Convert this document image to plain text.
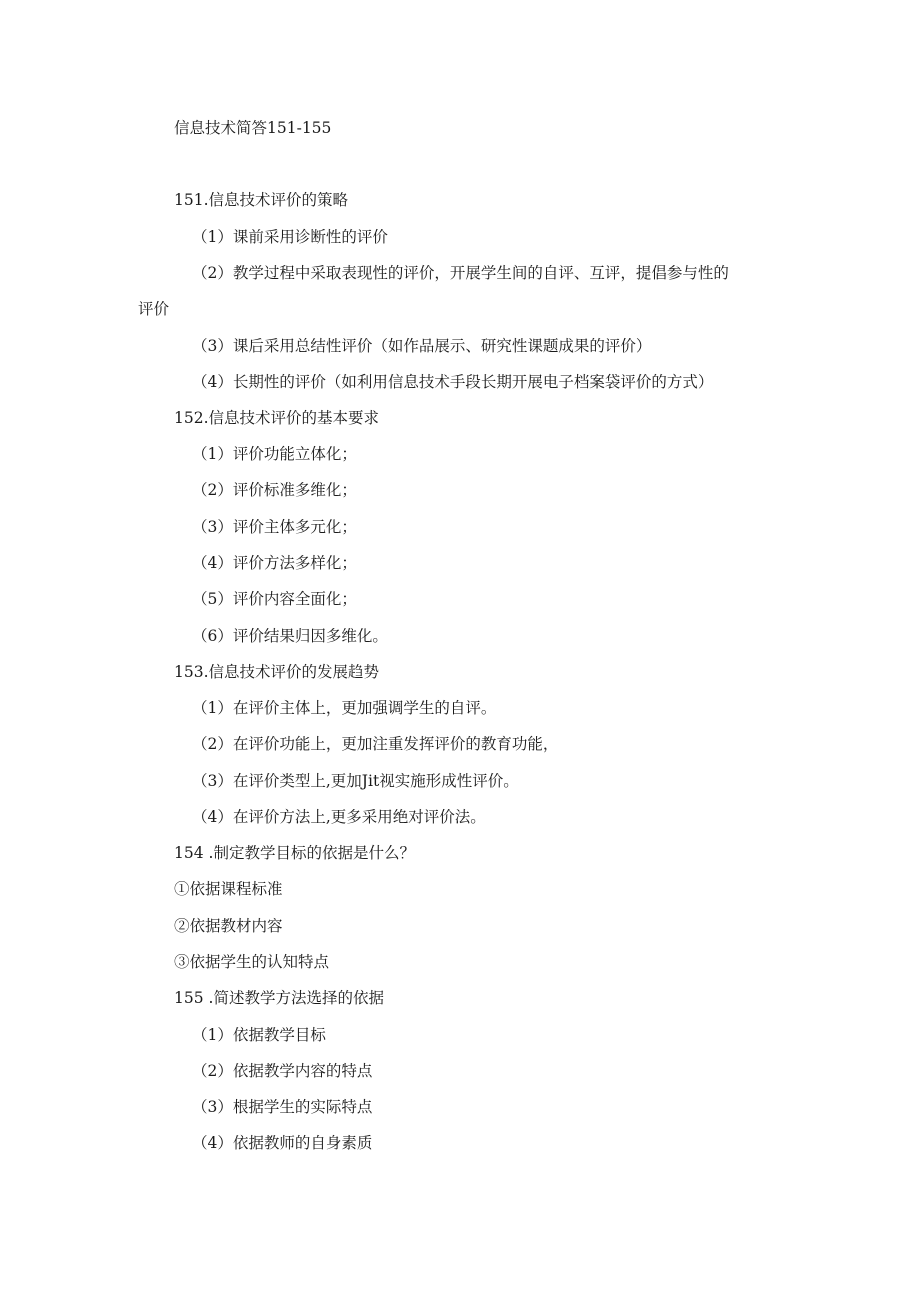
信息技术简答151-155
151.信息技术评价的策略
（1）课前采用诊断性的评价
（2）教学过程中采取表现性的评价，开展学生间的自评、互评，提倡参与性的
评价
（3）课后采用总结性评价（如作品展示、研究性课题成果的评价）
（4）长期性的评价（如利用信息技术手段长期开展电子档案袋评价的方式）
152.信息技术评价的基本要求
（1）评价功能立体化；
（2）评价标准多维化；
（3）评价主体多元化；
（4）评价方法多样化；
（5）评价内容全面化；
（6）评价结果归因多维化。
153.信息技术评价的发展趋势
（1）在评价主体上，更加强调学生的自评。
（2）在评价功能上，更加注重发挥评价的教育功能，
（3）在评价类型上,更加Jit视实施形成性评价。
（4）在评价方法上,更多采用绝对评价法。
154 .制定教学目标的依据是什么？
①依据课程标准
②依据教材内容
③依据学生的认知特点
155 .简述教学方法选择的依据
（1）依据教学目标
（2）依据教学内容的特点
（3）根据学生的实际特点
（4）依据教师的自身素质
